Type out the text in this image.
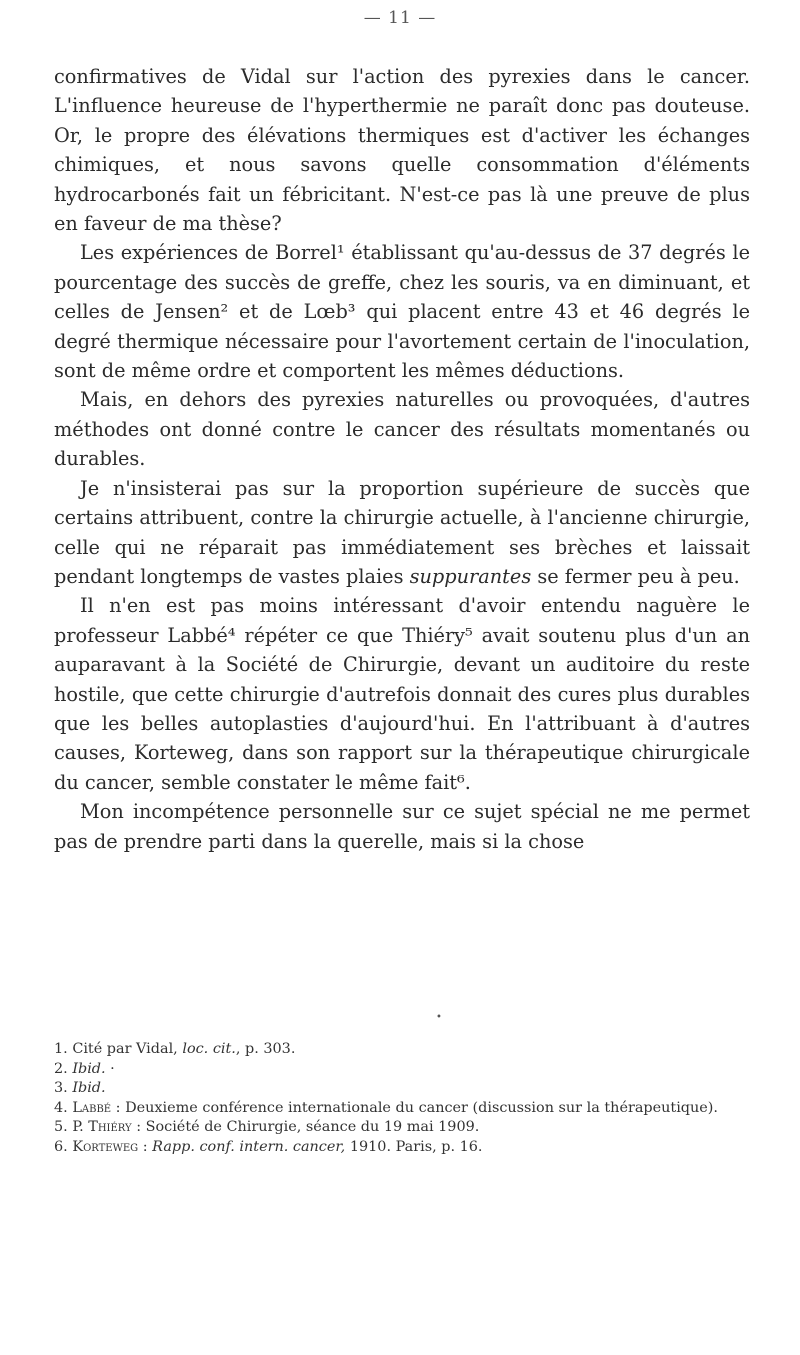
— 11 —

confirmatives de Vidal sur l'action des pyrexies dans le cancer. L'influence heureuse de l'hyperthermie ne paraît donc pas douteuse. Or, le propre des élévations thermiques est d'activer les échanges chimiques, et nous savons quelle consommation d'éléments hydrocarbonés fait un fébricitant. N'est-ce pas là une preuve de plus en faveur de ma thèse?

Les expériences de Borrel¹ établissant qu'au-dessus de 37 degrés le pourcentage des succès de greffe, chez les souris, va en diminuant, et celles de Jensen² et de Lœb³ qui placent entre 43 et 46 degrés le degré thermique nécessaire pour l'avortement certain de l'inoculation, sont de même ordre et comportent les mêmes déductions.

Mais, en dehors des pyrexies naturelles ou provoquées, d'autres méthodes ont donné contre le cancer des résultats momentanés ou durables.

Je n'insisterai pas sur la proportion supérieure de succès que certains attribuent, contre la chirurgie actuelle, à l'ancienne chirurgie, celle qui ne réparait pas immédiatement ses brèches et laissait pendant longtemps de vastes plaies suppurantes se fermer peu à peu.

Il n'en est pas moins intéressant d'avoir entendu naguère le professeur Labbé⁴ répéter ce que Thiéry⁵ avait soutenu plus d'un an auparavant à la Société de Chirurgie, devant un auditoire du reste hostile, que cette chirurgie d'autrefois donnait des cures plus durables que les belles autoplasties d'aujourd'hui. En l'attribuant à d'autres causes, Korteweg, dans son rapport sur la thérapeutique chirurgicale du cancer, semble constater le même fait⁶.

Mon incompétence personnelle sur ce sujet spécial ne me permet pas de prendre parti dans la querelle, mais si la chose

•

1. Cité par Vidal, loc. cit., p. 303.

2. Ibid. ·

3. Ibid.

4. Labbé : Deuxieme conférence internationale du cancer (discussion sur la thérapeutique).

5. P. Thiéry : Société de Chirurgie, séance du 19 mai 1909.

6. Korteweg : Rapp. conf. intern. cancer, 1910. Paris, p. 16.
